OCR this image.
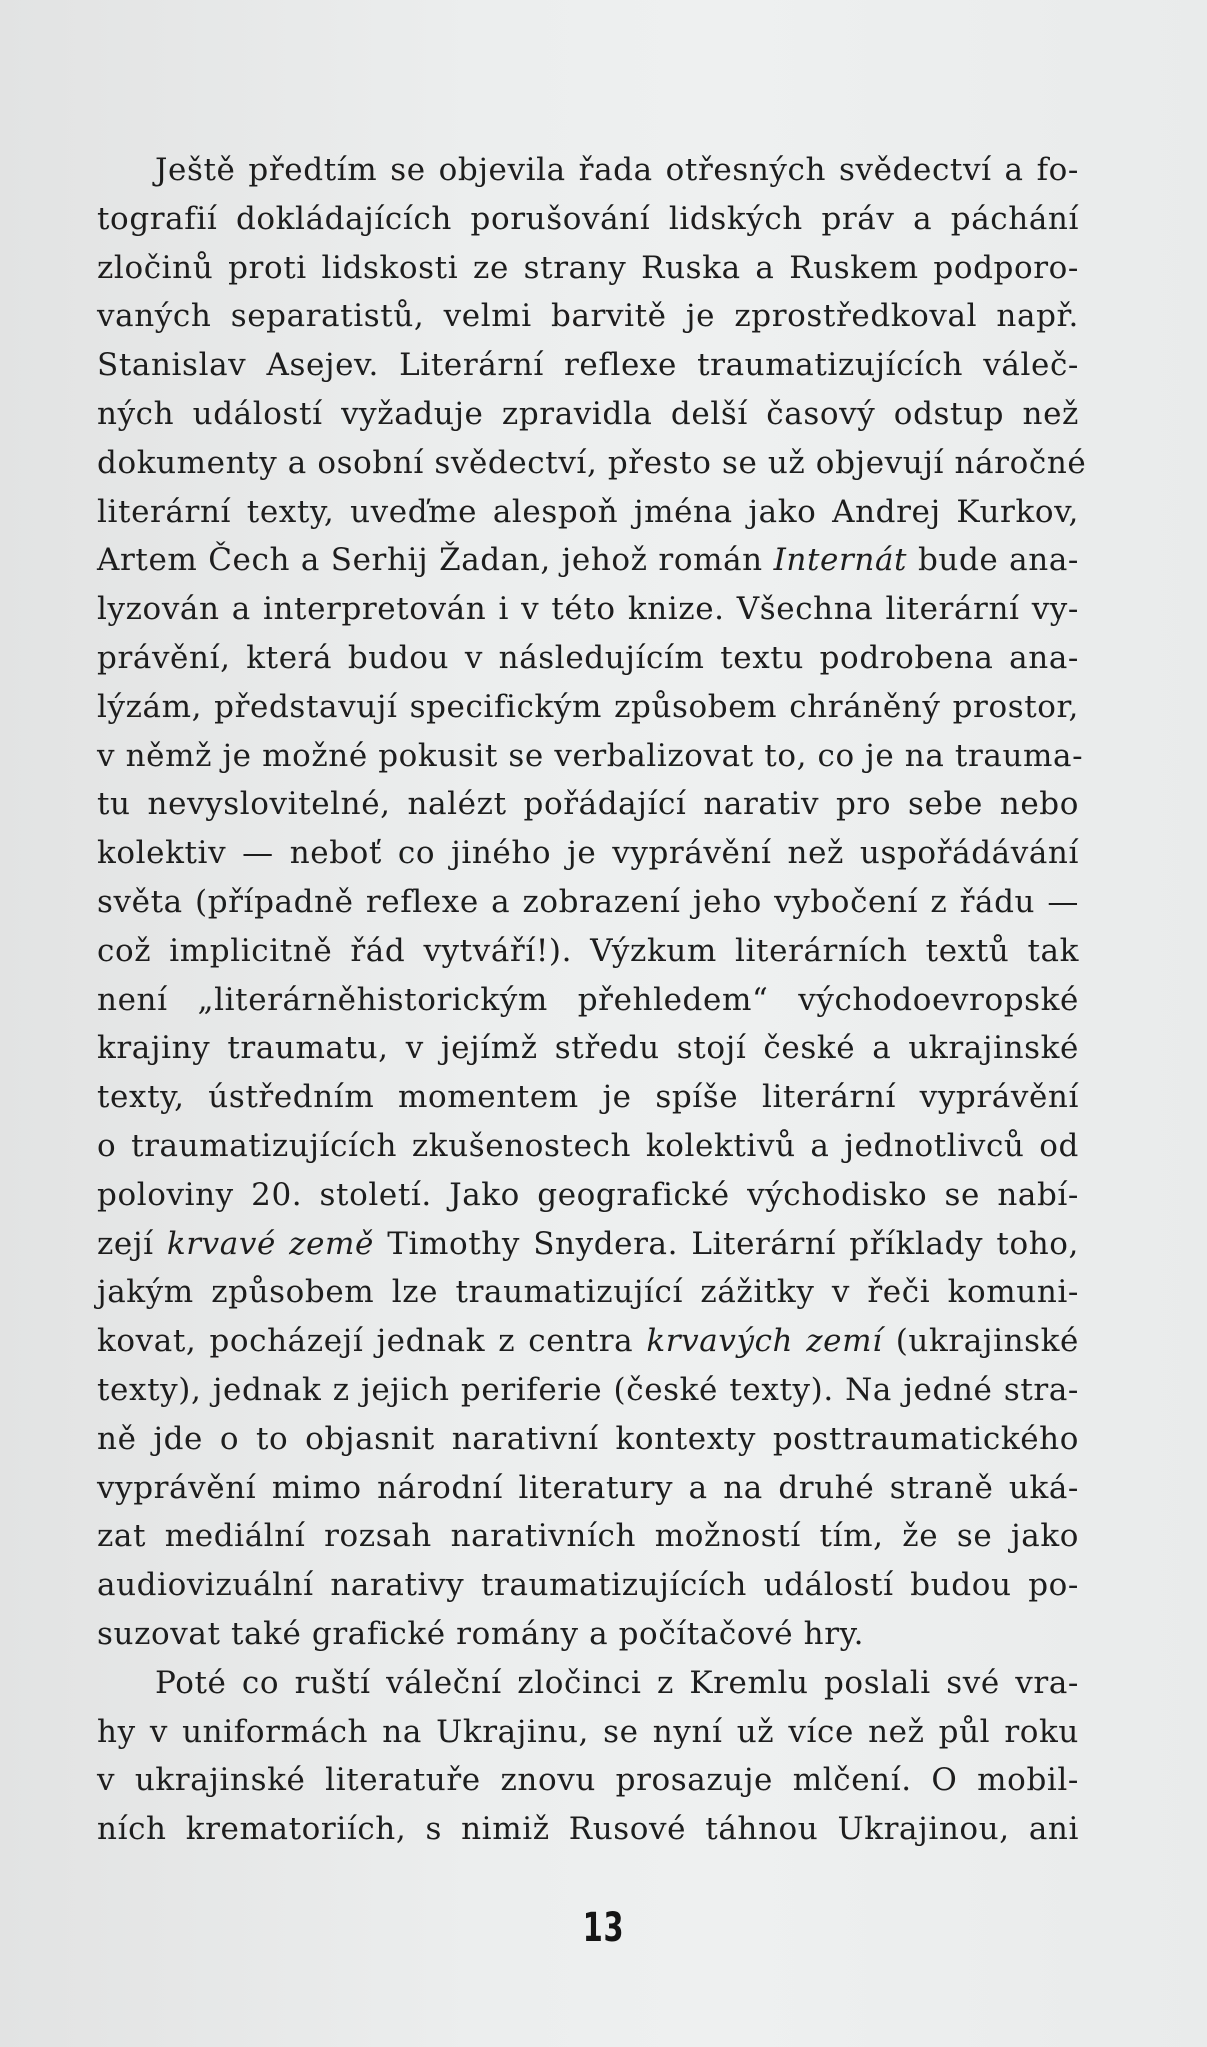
Ještě předtím se objevila řada otřesných svědectví a fo-
tografií dokládajících porušování lidských práv a páchání
zločinů proti lidskosti ze strany Ruska a Ruskem podporo-
vaných separatistů, velmi barvitě je zprostředkoval např.
Stanislav Asejev. Literární reflexe traumatizujících váleč-
ných událostí vyžaduje zpravidla delší časový odstup než
dokumenty a osobní svědectví, přesto se už objevují náročné
literární texty, uveďme alespoň jména jako Andrej Kurkov,
Artem Čech a Serhij Žadan, jehož román Internát bude ana-
lyzován a interpretován i v této knize. Všechna literární vy-
právění, která budou v následujícím textu podrobena ana-
lýzám, představují specifickým způsobem chráněný prostor,
v němž je možné pokusit se verbalizovat to, co je na trauma-
tu nevyslovitelné, nalézt pořádající narativ pro sebe nebo
kolektiv — neboť co jiného je vyprávění než uspořádávání
světa (případně reflexe a zobrazení jeho vybočení z řádu —
což implicitně řád vytváří!). Výzkum literárních textů tak
není „literárněhistorickým přehledem“ východoevropské
krajiny traumatu, v jejímž středu stojí české a ukrajinské
texty, ústředním momentem je spíše literární vyprávění
o traumatizujících zkušenostech kolektivů a jednotlivců od
poloviny 20. století. Jako geografické východisko se nabí-
zejí krvavé země Timothy Snydera. Literární příklady toho,
jakým způsobem lze traumatizující zážitky v řeči komuni-
kovat, pocházejí jednak z centra krvavých zemí (ukrajinské
texty), jednak z jejich periferie (české texty). Na jedné stra-
ně jde o to objasnit narativní kontexty posttraumatického
vyprávění mimo národní literatury a na druhé straně uká-
zat mediální rozsah narativních možností tím, že se jako
audiovizuální narativy traumatizujících událostí budou po-
suzovat také grafické romány a počítačové hry.
Poté co ruští váleční zločinci z Kremlu poslali své vra-
hy v uniformách na Ukrajinu, se nyní už více než půl roku
v ukrajinské literatuře znovu prosazuje mlčení. O mobil-
ních krematoriích, s nimiž Rusové táhnou Ukrajinou, ani
13
